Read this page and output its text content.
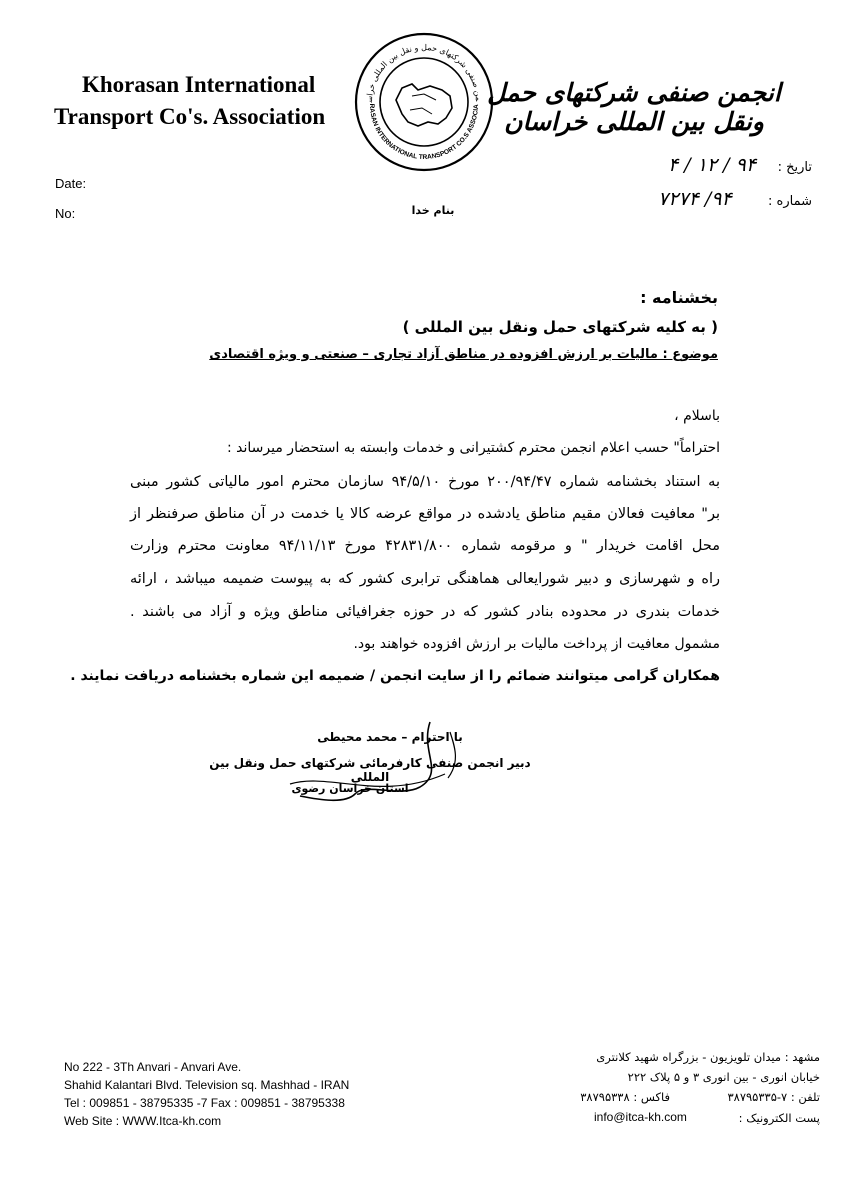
Khorasan International
Transport Co's. Association
Date:
No:
من صنفی شرکتهای حمل و نقل بین المللی خراس
RASAN INTERNATIONAL TRANSPORT CO.S ASSOCIA انجمن صنفی شرکتهای حمل ونقل بین المللی خراسان
بنام خدا
تاریخ :
۹۴ / ۱۲ / ۴
شماره :
۹۴/ ۷۲۷۴
بخشنامه :
( به کلیه شرکتهای حمل ونقل بین المللی )
موضوع : مالیات بر ارزش افزوده در مناطق آزاد تجاری – صنعتی و ویژه اقتصادی
باسلام ،
احتراماً" حسب اعلام انجمن محترم کشتیرانی و خدمات وابسته به استحضار میرساند :
به استناد بخشنامه شماره ۲۰۰/۹۴/۴۷ مورخ ۹۴/۵/۱۰ سازمان محترم امور مالیاتی کشور مبنی
بر" معافیت فعالان مقیم مناطق یادشده در مواقع عرضه کالا یا خدمت در آن مناطق صرفنظر از
محل اقامت خریدار " و مرقومه شماره ۴۲۸۳۱/۸۰۰ مورخ ۹۴/۱۱/۱۳ معاونت محترم وزارت
راه و شهرسازی و دبیر شورایعالی هماهنگی ترابری کشور که به پیوست ضمیمه میباشد ، ارائه
خدمات بندری در محدوده بنادر کشور که در حوزه جغرافیائی مناطق ویژه و آزاد می باشند .
مشمول معافیت از پرداخت مالیات بر ارزش افزوده خواهند بود.
همکاران گرامی میتوانند ضمائم را از سایت انجمن / ضمیمه این شماره بخشنامه دریافت نمایند .
با احترام – محمد محیطی
دبیر انجمن صنفی کارفرمائی شرکتهای حمل ونقل بین المللی
استان خراسان رضوی
No 222 - 3Th Anvari - Anvari Ave.
Shahid Kalantari Blvd. Television sq. Mashhad - IRAN
Tel : 009851 - 38795335 -7 Fax : 009851 - 38795338
Web Site : WWW.Itca-kh.com
مشهد : میدان تلویزیون - بزرگراه شهید کلانتری
خیابان انوری - بین انوری ۳ و ۵ پلاک ۲۲۲
تلفن : ۷-۳۸۷۹۵۳۳۵
فاکس : ۳۸۷۹۵۳۳۸
پست الکترونیک :
info@itca-kh.com
